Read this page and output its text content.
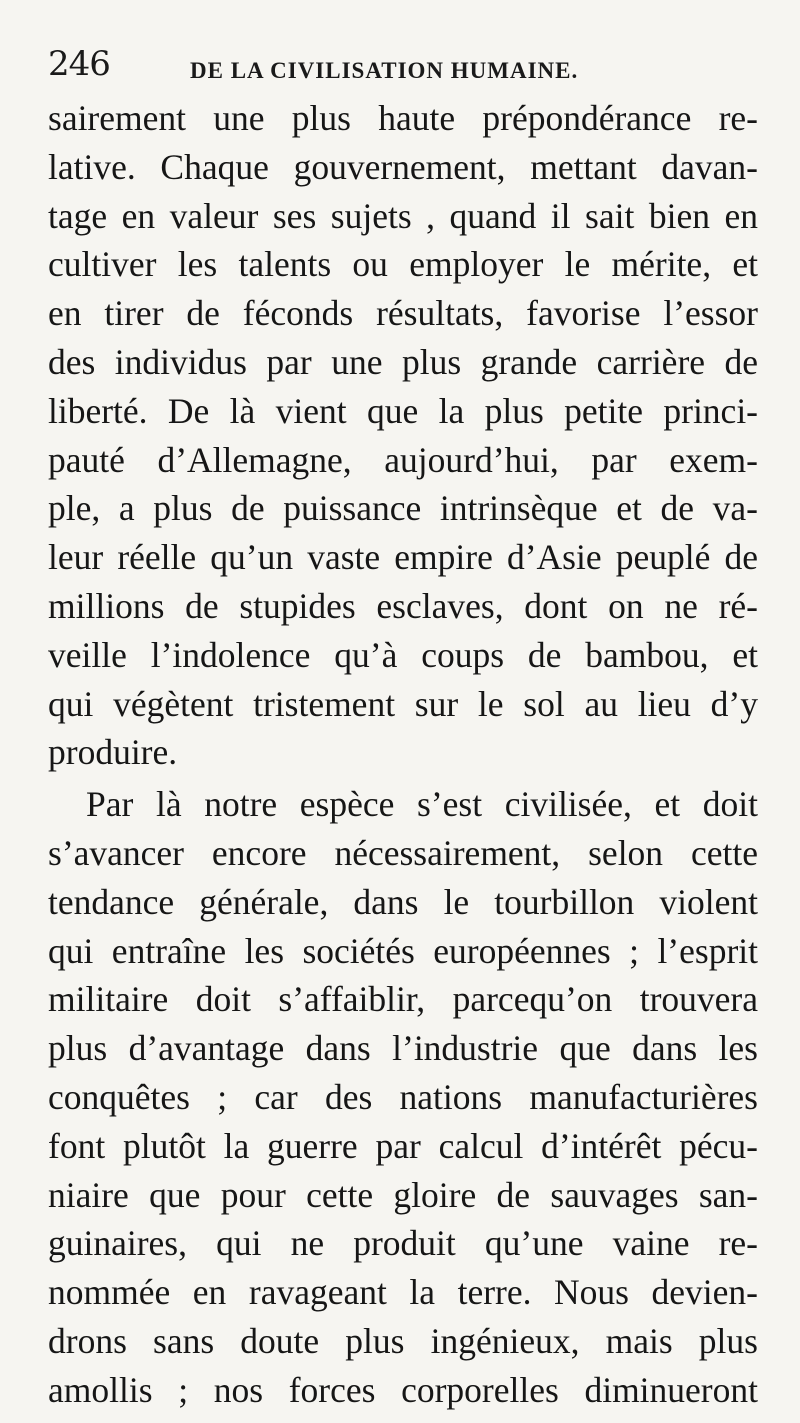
246	DE LA CIVILISATION HUMAINE.
sairement une plus haute prépondérance re-
lative. Chaque gouvernement, mettant davan-
tage en valeur ses sujets , quand il sait bien en
cultiver les talents ou employer le mérite, et
en tirer de féconds résultats, favorise l’essor
des individus par une plus grande carrière de
liberté. De là vient que la plus petite princi-
pauté d’Allemagne, aujourd’hui, par exem-
ple, a plus de puissance intrinsèque et de va-
leur réelle qu’un vaste empire d’Asie peuplé de
millions de stupides esclaves, dont on ne ré-
veille l’indolence qu’à coups de bambou, et
qui végètent tristement sur le sol au lieu d’y
produire.
Par là notre espèce s’est civilisée, et doit
s’avancer encore nécessairement, selon cette
tendance générale, dans le tourbillon violent
qui entraîne les sociétés européennes ; l’esprit
militaire doit s’affaiblir, parcequ’on trouvera
plus d’avantage dans l’industrie que dans les
conquêtes ; car des nations manufacturières
font plutôt la guerre par calcul d’intérêt pécu-
niaire que pour cette gloire de sauvages san-
guinaires, qui ne produit qu’une vaine re-
nommée en ravageant la terre. Nous devien-
drons sans doute plus ingénieux, mais plus
amollis ; nos forces corporelles diminueront
